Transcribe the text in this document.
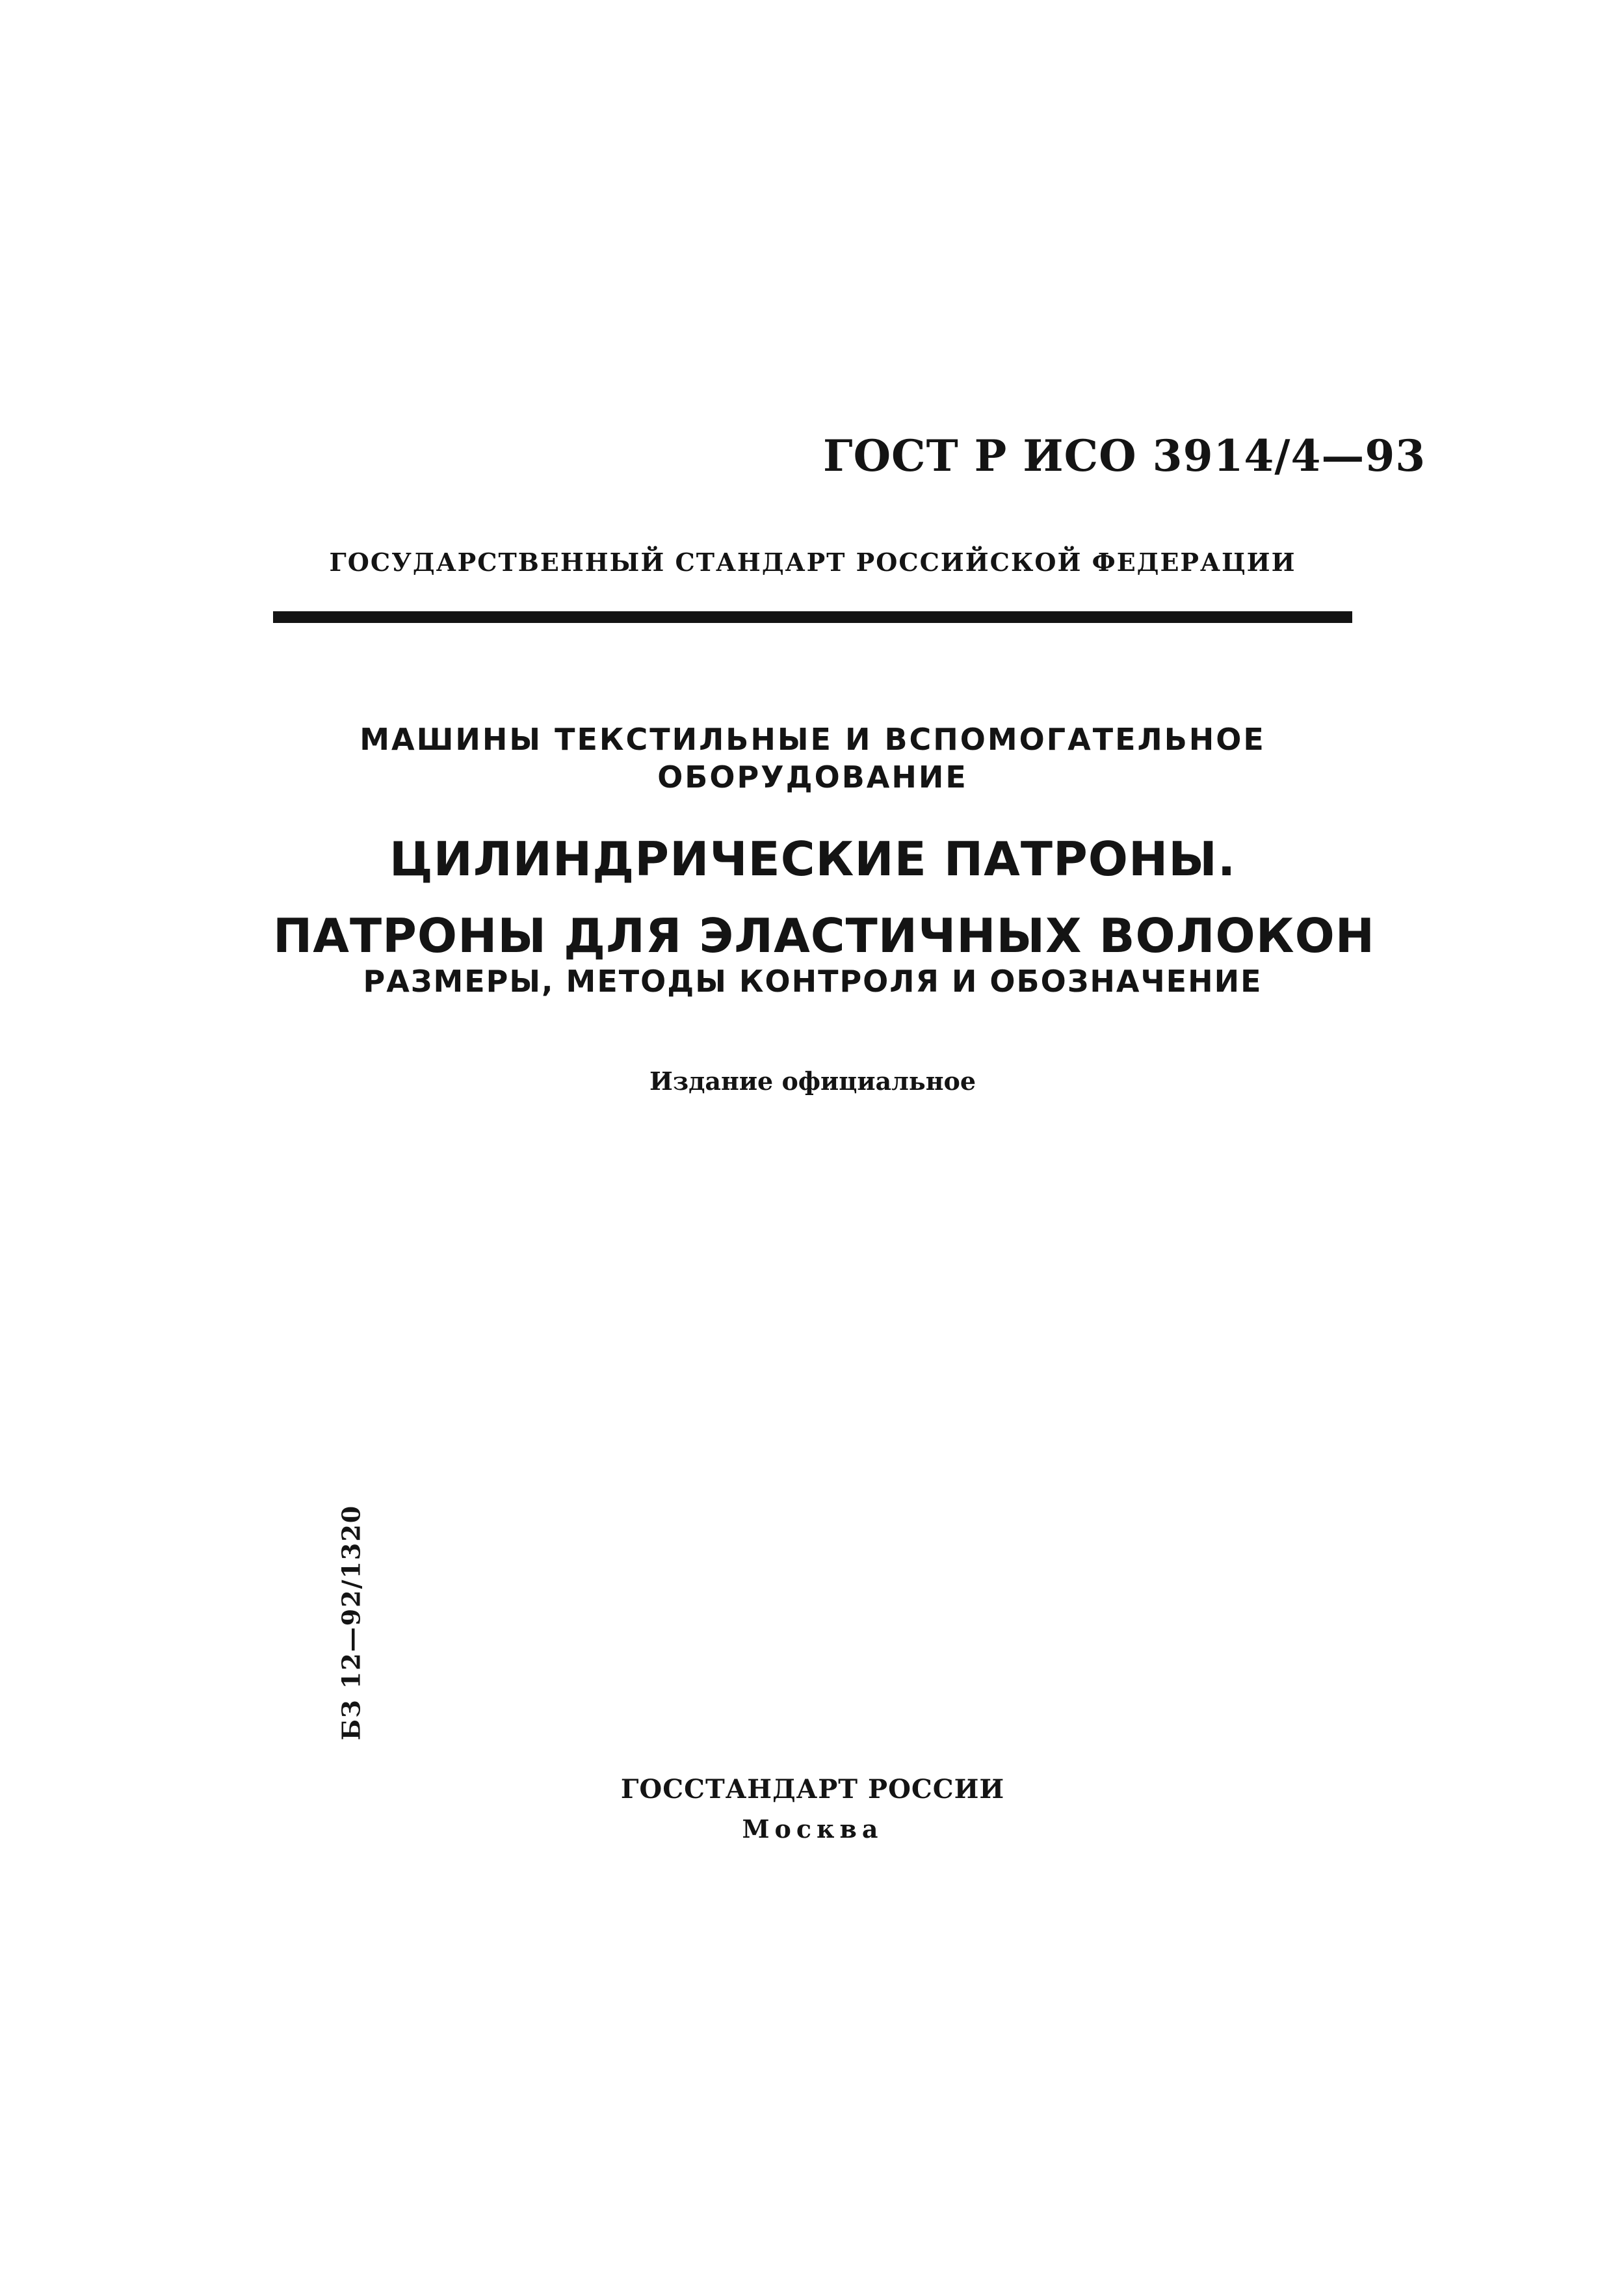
ГОСТ Р ИСО 3914/4—93
ГОСУДАРСТВЕННЫЙ СТАНДАРТ РОССИЙСКОЙ ФЕДЕРАЦИИ
МАШИНЫ ТЕКСТИЛЬНЫЕ И ВСПОМОГАТЕЛЬНОЕ
ОБОРУДОВАНИЕ
ЦИЛИНДРИЧЕСКИЕ ПАТРОНЫ.
ПАТРОНЫ ДЛЯ ЭЛАСТИЧНЫХ ВОЛОКОН
РАЗМЕРЫ, МЕТОДЫ КОНТРОЛЯ И ОБОЗНАЧЕНИЕ
Издание официальное
БЗ 12—92/1320
ГОССТАНДАРТ РОССИИ
Москва
